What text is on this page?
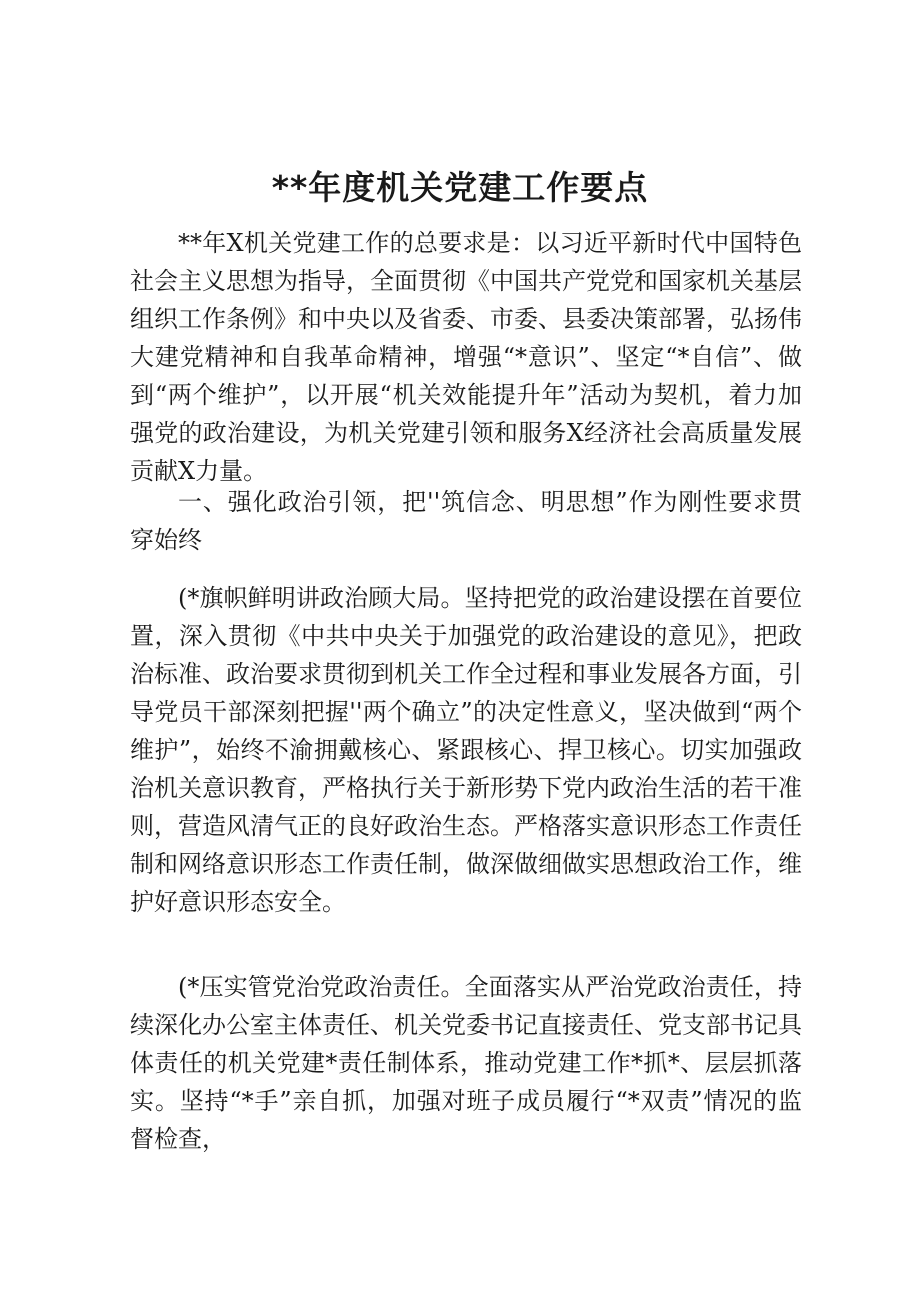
**年度机关党建工作要点

**年X机关党建工作的总要求是：以习近平新时代中国特色社会主义思想为指导，全面贯彻《中国共产党党和国家机关基层组织工作条例》和中央以及省委、市委、县委决策部署，弘扬伟大建党精神和自我革命精神，增强“*意识”、坚定“*自信”、做到“两个维护”，以开展“机关效能提升年”活动为契机，着力加强党的政治建设，为机关党建引领和服务X经济社会高质量发展贡献X力量。

一、强化政治引领，把''筑信念、明思想”作为刚性要求贯穿始终

(*旗帜鲜明讲政治顾大局。坚持把党的政治建设摆在首要位置，深入贯彻《中共中央关于加强党的政治建设的意见》，把政治标准、政治要求贯彻到机关工作全过程和事业发展各方面，引导党员干部深刻把握''两个确立”的决定性意义，坚决做到“两个维护”，始终不渝拥戴核心、紧跟核心、捍卫核心。切实加强政治机关意识教育，严格执行关于新形势下党内政治生活的若干准则，营造风清气正的良好政治生态。严格落实意识形态工作责任制和网络意识形态工作责任制，做深做细做实思想政治工作，维护好意识形态安全。

(*压实管党治党政治责任。全面落实从严治党政治责任，持续深化办公室主体责任、机关党委书记直接责任、党支部书记具体责任的机关党建*责任制体系，推动党建工作*抓*、层层抓落实。坚持“*手”亲自抓，加强对班子成员履行“*双责”情况的监督检查，
